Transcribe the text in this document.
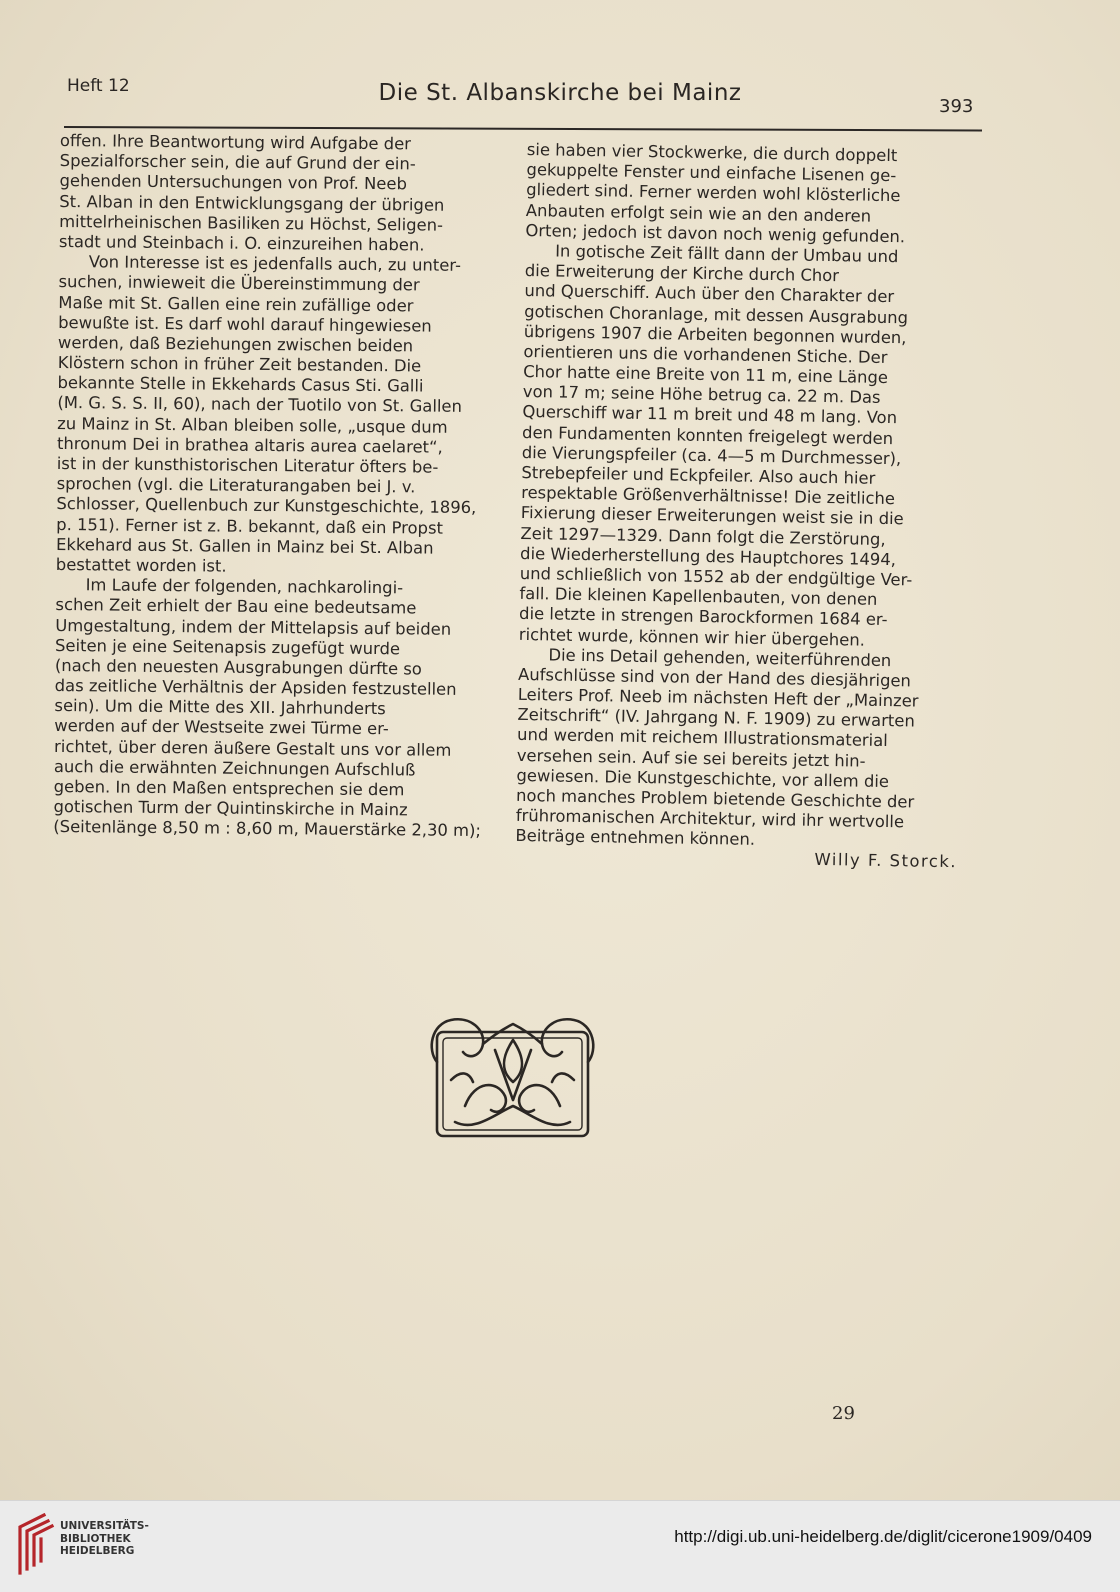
Heft 12	Die St. Albanskirche bei Mainz
393
offen. Ihre Beantwortung wird Aufgabe der
Spezialforscher sein, die auf Grund der ein-
gehenden Untersuchungen von Prof. Neeb
St. Alban in den Entwicklungsgang der übrigen
mittelrheinischen Basiliken zu Höchst, Seligen-
stadt und Steinbach i. O. einzureihen haben.
Von Interesse ist es jedenfalls auch, zu unter-
suchen, inwieweit die Übereinstimmung der
Maße mit St. Gallen eine rein zufällige oder
bewußte ist. Es darf wohl darauf hingewiesen
werden, daß Beziehungen zwischen beiden
Klöstern schon in früher Zeit bestanden. Die
bekannte Stelle in Ekkehards Casus Sti. Galli
(M. G. S. S. II, 60), nach der Tuotilo von St. Gallen
zu Mainz in St. Alban bleiben solle, „usque dum
thronum Dei in brathea altaris aurea caelaret“,
ist in der kunsthistorischen Literatur öfters be-
sprochen (vgl. die Literaturangaben bei J. v.
Schlosser, Quellenbuch zur Kunstgeschichte, 1896,
p. 151). Ferner ist z. B. bekannt, daß ein Propst
Ekkehard aus St. Gallen in Mainz bei St. Alban
bestattet worden ist.
Im Laufe der folgenden, nachkarolingi-
schen Zeit erhielt der Bau eine bedeutsame
Umgestaltung, indem der Mittelapsis auf beiden
Seiten je eine Seitenapsis zugefügt wurde
(nach den neuesten Ausgrabungen dürfte so
das zeitliche Verhältnis der Apsiden festzustellen
sein). Um die Mitte des XII. Jahrhunderts
werden auf der Westseite zwei Türme er-
richtet, über deren äußere Gestalt uns vor allem
auch die erwähnten Zeichnungen Aufschluß
geben. In den Maßen entsprechen sie dem
gotischen Turm der Quintinskirche in Mainz
(Seitenlänge 8,50 m : 8,60 m, Mauerstärke 2,30 m);
sie haben vier Stockwerke, die durch doppelt
gekuppelte Fenster und einfache Lisenen ge-
gliedert sind. Ferner werden wohl klösterliche
Anbauten erfolgt sein wie an den anderen
Orten; jedoch ist davon noch wenig gefunden.
In gotische Zeit fällt dann der Umbau und
die Erweiterung der Kirche durch Chor
und Querschiff. Auch über den Charakter der
gotischen Choranlage, mit dessen Ausgrabung
übrigens 1907 die Arbeiten begonnen wurden,
orientieren uns die vorhandenen Stiche. Der
Chor hatte eine Breite von 11 m, eine Länge
von 17 m; seine Höhe betrug ca. 22 m. Das
Querschiff war 11 m breit und 48 m lang. Von
den Fundamenten konnten freigelegt werden
die Vierungspfeiler (ca. 4—5 m Durchmesser),
Strebepfeiler und Eckpfeiler. Also auch hier
respektable Größenverhältnisse! Die zeitliche
Fixierung dieser Erweiterungen weist sie in die
Zeit 1297—1329. Dann folgt die Zerstörung,
die Wiederherstellung des Hauptchores 1494,
und schließlich von 1552 ab der endgültige Ver-
fall. Die kleinen Kapellenbauten, von denen
die letzte in strengen Barockformen 1684 er-
richtet wurde, können wir hier übergehen.
Die ins Detail gehenden, weiterführenden
Aufschlüsse sind von der Hand des diesjährigen
Leiters Prof. Neeb im nächsten Heft der „Mainzer
Zeitschrift“ (IV. Jahrgang N. F. 1909) zu erwarten
und werden mit reichem Illustrationsmaterial
versehen sein. Auf sie sei bereits jetzt hin-
gewiesen. Die Kunstgeschichte, vor allem die
noch manches Problem bietende Geschichte der
frühromanischen Architektur, wird ihr wertvolle
Beiträge entnehmen können.
Willy F. Storck.
29
UNIVERSITÄTS-
BIBLIOTHEK
HEIDELBERG
http://digi.ub.uni-heidelberg.de/diglit/cicerone1909/0409
